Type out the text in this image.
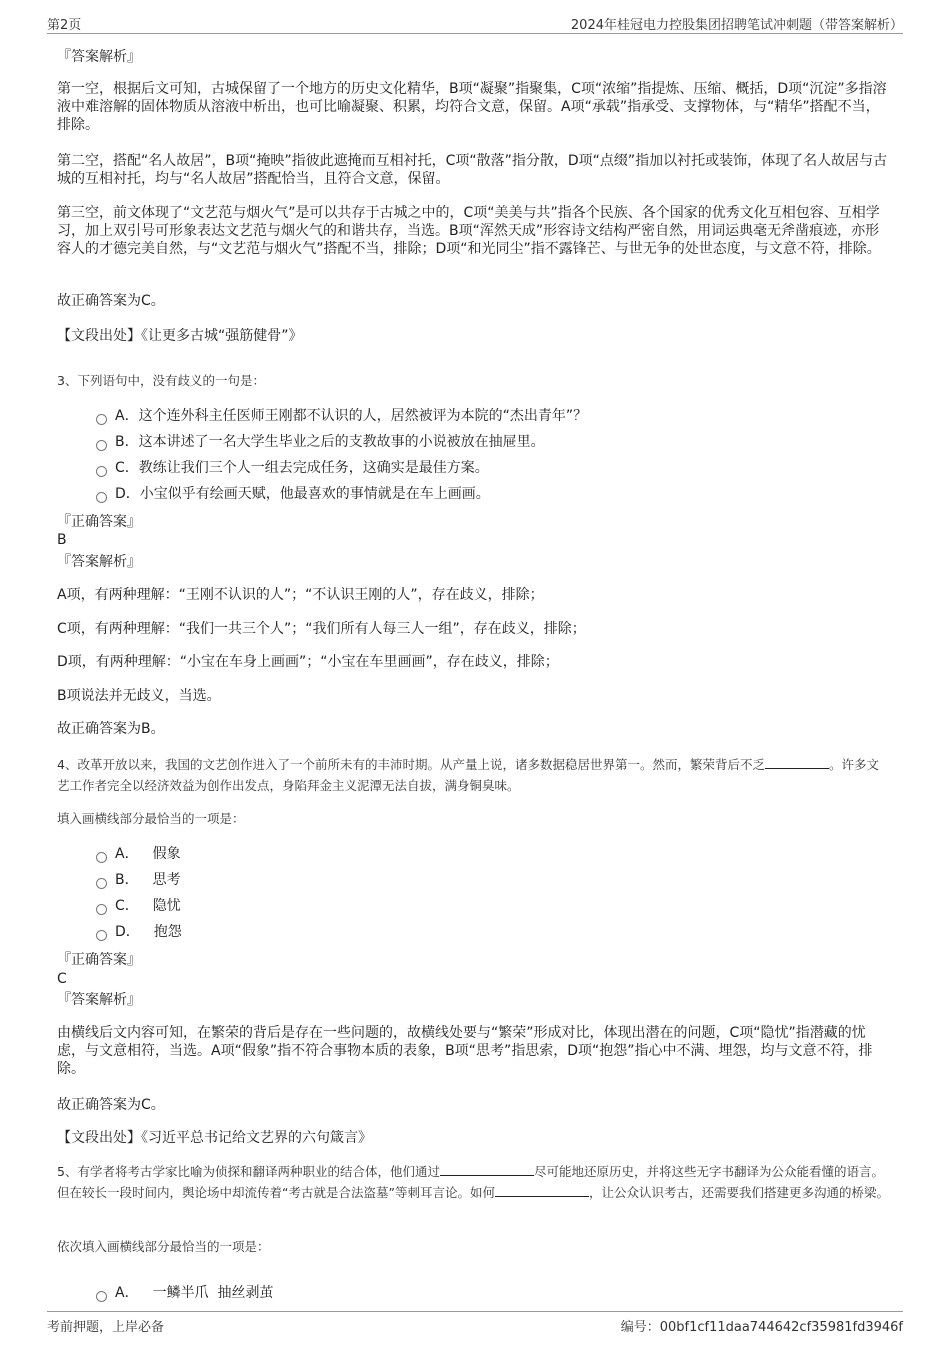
第2页	2024年桂冠电力控股集团招聘笔试冲刺题（带答案解析）
『答案解析』
第一空，根据后文可知，古城保留了一个地方的历史文化精华，B项“凝聚”指聚集，C项“浓缩”指提炼、压缩、概括，D项“沉淀”多指溶液中难溶解的固体物质从溶液中析出，也可比喻凝聚、积累，均符合文意，保留。A项“承载”指承受、支撑物体，与“精华”搭配不当，排除。
第二空，搭配“名人故居”，B项“掩映”指彼此遮掩而互相衬托，C项“散落”指分散，D项“点缀”指加以衬托或装饰，体现了名人故居与古城的互相衬托，均与“名人故居”搭配恰当，且符合文意，保留。
第三空，前文体现了“文艺范与烟火气”是可以共存于古城之中的，C项“美美与共”指各个民族、各个国家的优秀文化互相包容、互相学习，加上双引号可形象表达文艺范与烟火气的和谐共存，当选。B项“浑然天成”形容诗文结构严密自然，用词运典毫无斧凿痕迹，亦形容人的才德完美自然，与“文艺范与烟火气”搭配不当，排除；D项“和光同尘”指不露锋芒、与世无争的处世态度，与文意不符，排除。
故正确答案为C。
【文段出处】《让更多古城“强筋健骨”》
3、下列语句中，没有歧义的一句是：
A．这个连外科主任医师王刚都不认识的人，居然被评为本院的“杰出青年”？
B．这本讲述了一名大学生毕业之后的支教故事的小说被放在抽屉里。
C．教练让我们三个人一组去完成任务，这确实是最佳方案。
D．小宝似乎有绘画天赋，他最喜欢的事情就是在车上画画。
『正确答案』
B
『答案解析』
A项，有两种理解：“王刚不认识的人”；“不认识王刚的人”，存在歧义，排除；
C项，有两种理解：“我们一共三个人”；“我们所有人每三人一组”，存在歧义，排除；
D项，有两种理解：“小宝在车身上画画”；“小宝在车里画画”，存在歧义，排除；
B项说法并无歧义，当选。
故正确答案为B。
4、改革开放以来，我国的文艺创作进入了一个前所未有的丰沛时期。从产量上说，诸多数据稳居世界第一。然而，繁荣背后不乏	。许多文艺工作者完全以经济效益为创作出发点，身陷拜金主义泥潭无法自拔，满身铜臭味。
填入画横线部分最恰当的一项是：
A． 假象
B． 思考
C． 隐忧
D． 抱怨
『正确答案』
C
『答案解析』
由横线后文内容可知，在繁荣的背后是存在一些问题的，故横线处要与“繁荣”形成对比，体现出潜在的问题，C项“隐忧”指潜藏的忧虑，与文意相符，当选。A项“假象”指不符合事物本质的表象，B项“思考”指思索，D项“抱怨”指心中不满、埋怨，均与文意不符，排除。
故正确答案为C。
【文段出处】《习近平总书记给文艺界的六句箴言》
5、有学者将考古学家比喻为侦探和翻译两种职业的结合体，他们通过	尽可能地还原历史，并将这些无字书翻译为公众能看懂的语言。但在较长一段时间内，舆论场中却流传着“考古就是合法盗墓”等刺耳言论。如何	，让公众认识考古，还需要我们搭建更多沟通的桥梁。
依次填入画横线部分最恰当的一项是：
A． 一鳞半爪  抽丝剥茧
考前押题，上岸必备	编号：00bf1cf11daa744642cf35981fd3946f
